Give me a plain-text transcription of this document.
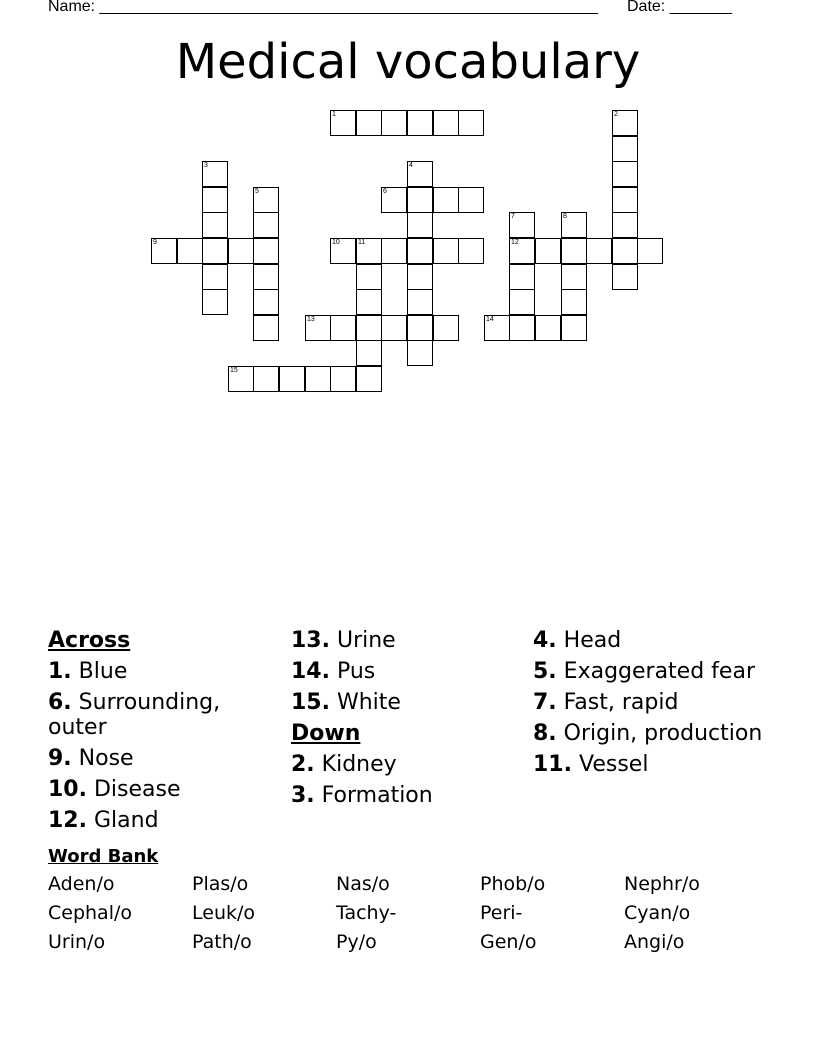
Name: ________________________________________________________ Date: _______
Medical vocabulary
1	2
3	4
5	6
7	8
9	10	11	12
13	14
15
Across
1. Blue
6. Surrounding, outer
9. Nose
10. Disease
12. Gland
13. Urine
14. Pus
15. White
Down
2. Kidney
3. Formation
4. Head
5. Exaggerated fear
7. Fast, rapid
8. Origin, production
11. Vessel
Word Bank
Aden/o	Plas/o	Nas/o	Phob/o	Nephr/o
Cephal/o	Leuk/o	Tachy-	Peri-	Cyan/o
Urin/o	Path/o	Py/o	Gen/o	Angi/o
